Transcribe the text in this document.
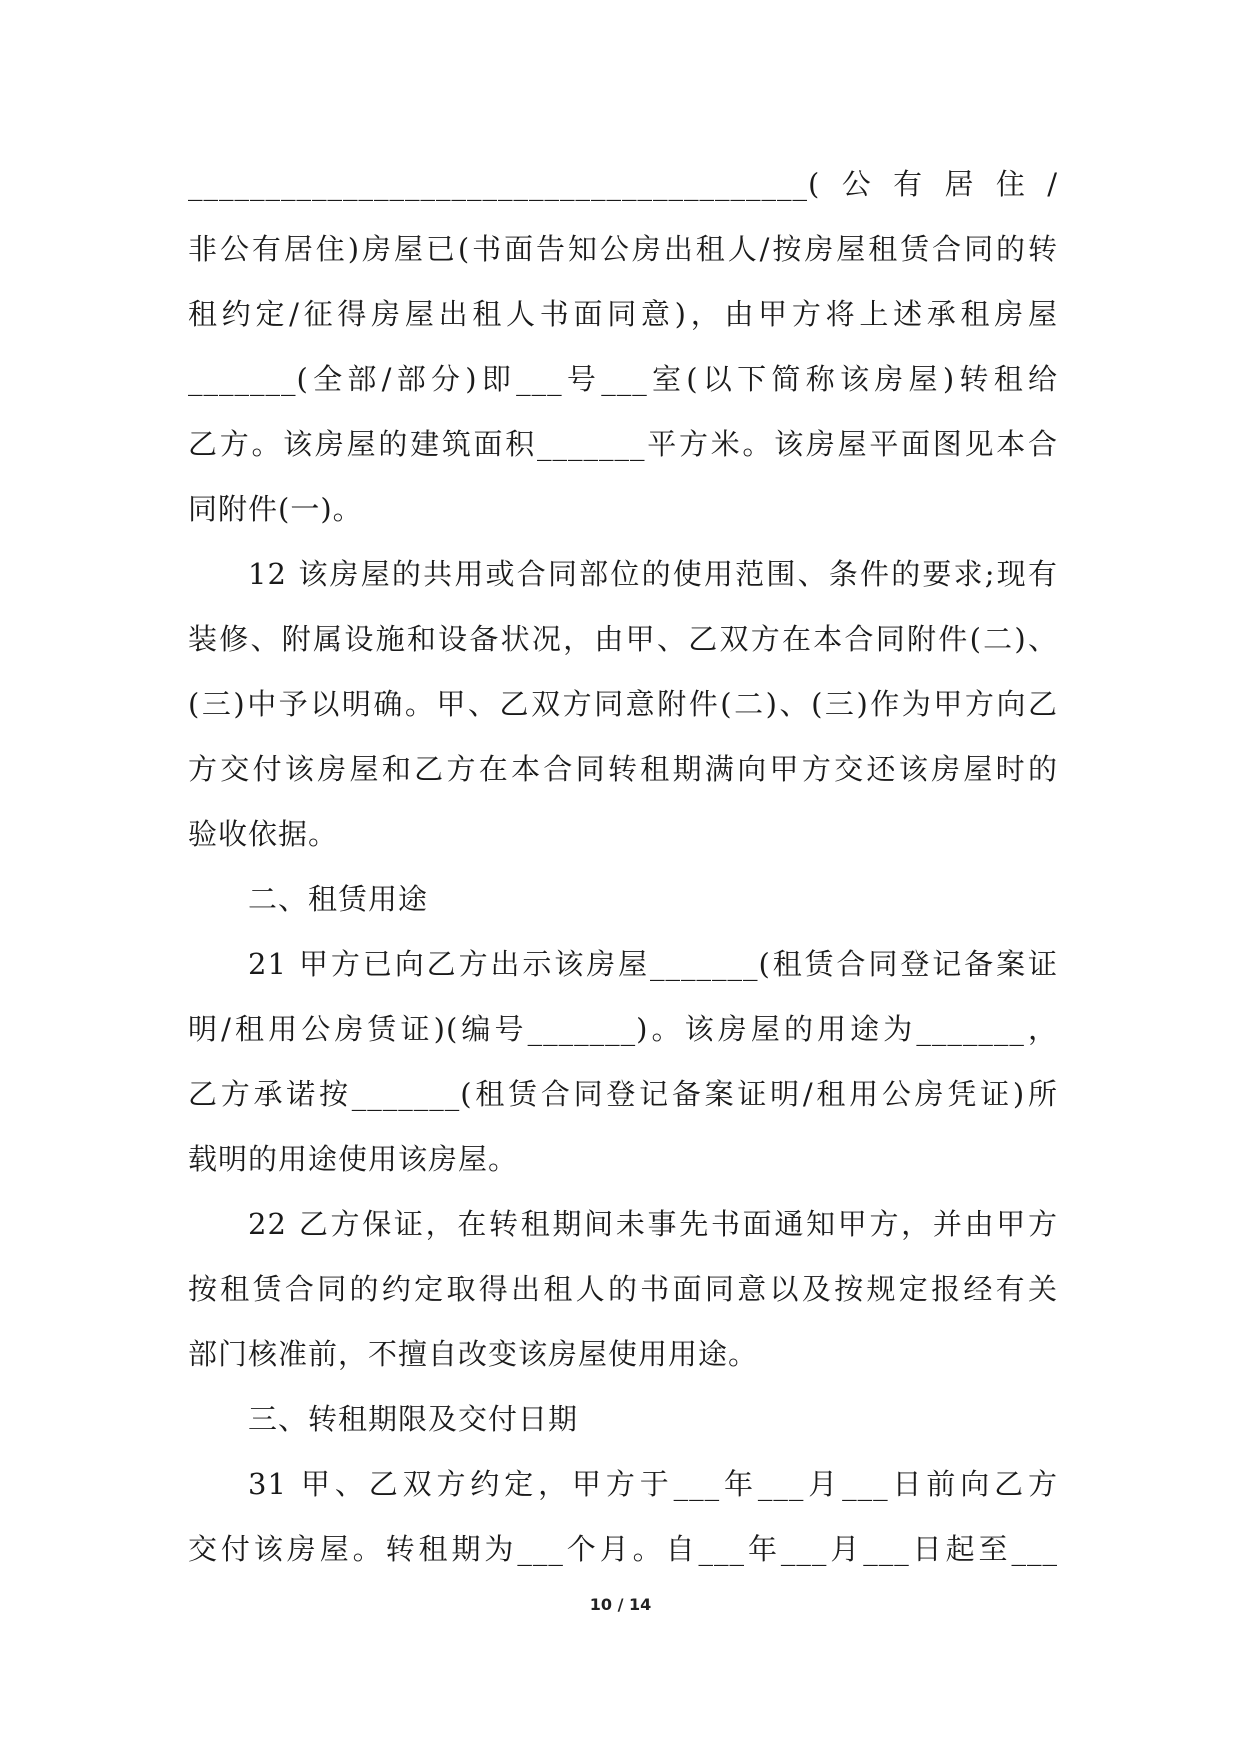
________________________________________(公有居住/
非公有居住)房屋已(书面告知公房出租人/按房屋租赁合同的转
租约定/征得房屋出租人书面同意)，由甲方将上述承租房屋
_______(全部/部分)即___号___室(以下简称该房屋)转租给
乙方。该房屋的建筑面积_______平方米。该房屋平面图见本合
同附件(一)。
12 该房屋的共用或合同部位的使用范围、条件的要求;现有
装修、附属设施和设备状况，由甲、乙双方在本合同附件(二)、
(三)中予以明确。甲、乙双方同意附件(二)、(三)作为甲方向乙
方交付该房屋和乙方在本合同转租期满向甲方交还该房屋时的
验收依据。
二、租赁用途
21 甲方已向乙方出示该房屋_______(租赁合同登记备案证
明/租用公房赁证)(编号_______)。该房屋的用途为_______，
乙方承诺按_______(租赁合同登记备案证明/租用公房凭证)所
载明的用途使用该房屋。
22 乙方保证，在转租期间未事先书面通知甲方，并由甲方
按租赁合同的约定取得出租人的书面同意以及按规定报经有关
部门核准前，不擅自改变该房屋使用用途。
三、转租期限及交付日期
31 甲、乙双方约定，甲方于___年___月___日前向乙方
交付该房屋。转租期为___个月。自___年___月___日起至___
10 / 14
